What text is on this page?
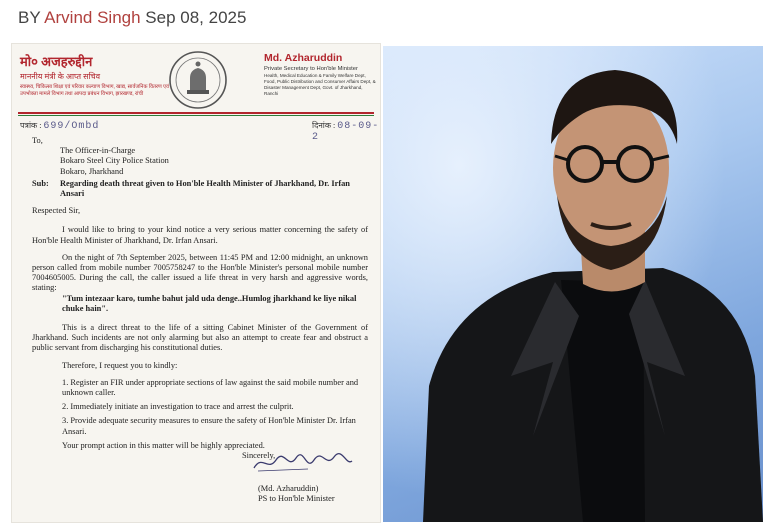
BY Arvind Singh Sep 08, 2025
मो० अजहरुद्दीन
माननीय मंत्री के आप्त सचिव
स्वास्थ्य, चिकित्सा शिक्षा एवं परिवार कल्याण विभाग, खाद्य, सार्वजनिक वितरण एवं उपभोक्ता मामले विभाग तथा आपदा प्रबंधन विभाग, झारखण्ड, रांची
Md. Azharuddin
Private Secretary to Hon'ble Minister
Health, Medical Education & Family Welfare Dept, Food, Public Distribution and Consumer Affairs Dept, & Disaster Management Dept, Govt. of Jharkhand, Ranchi
पत्रांक : 699/Ombd	दिनांक : 08-09-2

To,

The Officer-in-Charge

Bokaro Steel City Police Station

Bokaro, Jharkhand

Sub:	Regarding death threat given to Hon'ble Health Minister of Jharkhand, Dr. Irfan Ansari

Respected Sir,

I would like to bring to your kind notice a very serious matter concerning the safety of Hon'ble Health Minister of Jharkhand, Dr. Irfan Ansari.

On the night of 7th September 2025, between 11:45 PM and 12:00 midnight, an unknown person called from mobile number 7005758247 to the Hon'ble Minister's personal mobile number 7004605005. During the call, the caller issued a life threat in very harsh and aggressive words, stating:

"Tum intezaar karo, tumhe bahut jald uda denge..Humlog jharkhand ke liye nikal chuke hain".

This is a direct threat to the life of a sitting Cabinet Minister of the Government of Jharkhand. Such incidents are not only alarming but also an attempt to create fear and obstruct a public servant from discharging his constitutional duties.

Therefore, I request you to kindly:

1. Register an FIR under appropriate sections of law against the said mobile number and unknown caller.

2. Immediately initiate an investigation to trace and arrest the culprit.

3. Provide adequate security measures to ensure the safety of Hon'ble Minister Dr. Irfan Ansari.

Your prompt action in this matter will be highly appreciated.

Sincerely,

(Md. Azharuddin)
PS to Hon'ble Minister
